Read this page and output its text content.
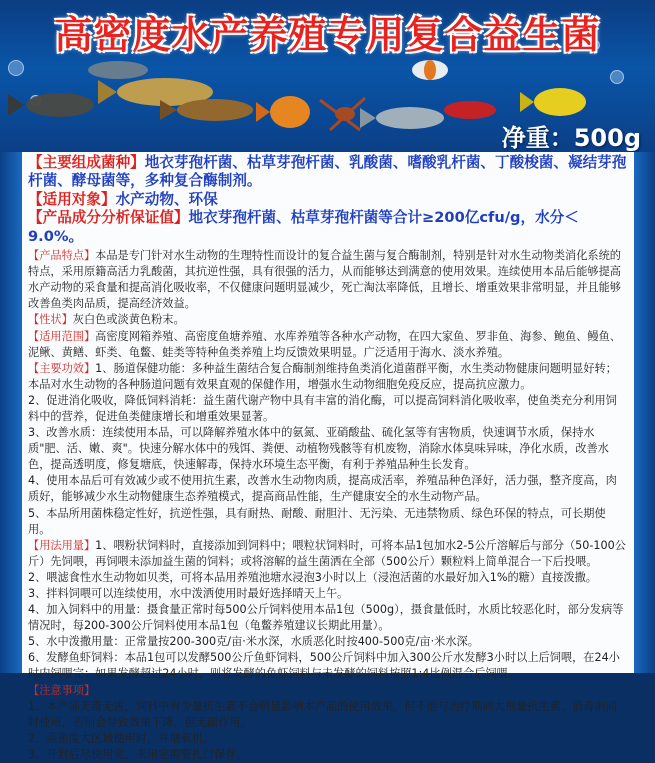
高密度水产养殖专用复合益生菌
净重：500g

【主要组成菌种】地衣芽孢杆菌、枯草芽孢杆菌、乳酸菌、嗜酸乳杆菌、丁酸梭菌、凝结芽孢杆菌、酵母菌等，多种复合酶制剂。

【适用对象】水产动物、环保

【产品成分分析保证值】地衣芽孢杆菌、枯草芽孢杆菌等合计≥200亿cfu/g，水分＜9.0%。

【产品特点】本品是专门针对水生动物的生理特性而设计的复合益生菌与复合酶制剂，特别是针对水生动物类消化系统的特点，采用原籍高活力乳酸菌，其抗逆性强，具有很强的活力，从而能够达到满意的使用效果。连续使用本品后能够提高水产动物的采食量和提高消化吸收率，不仅健康问题明显减少，死亡淘汰率降低，且增长、增重效果非常明显，并且能够改善鱼类肉品质，提高经济效益。

【性状】灰白色或淡黄色粉末。

【适用范围】高密度网箱养殖、高密度鱼塘养殖、水库养殖等各种水产动物，在四大家鱼、罗非鱼、海参、鲍鱼、鳗鱼、泥鳅、黄鳝、虾类、龟鳖、蛙类等特种鱼类养殖上均反馈效果明显。广泛适用于海水、淡水养殖。

【主要功效】1、肠道保健功能：多种益生菌结合复合酶制剂维持鱼类消化道菌群平衡，水生类动物健康问题明显好转；本品对水生动物的各种肠道问题有效果直观的保健作用，增强水生动物细胞免疫反应，提高抗应激力。

2、促进消化吸收，降低饲料消耗：益生菌代谢产物中具有丰富的消化酶，可以提高饲料消化吸收率，使鱼类充分利用饲料中的营养，促进鱼类健康增长和增重效果显著。

3、改善水质：连续使用本品，可以降解养殖水体中的氨氮、亚硝酸盐、硫化氢等有害物质，快速调节水质，保持水质"肥、活、嫩、爽"。快速分解水体中的残饵、粪便、动植物残骸等有机废物，消除水体臭味异味，净化水质，改善水色，提高透明度，修复塘底，快速解毒，保持水环境生态平衡，有利于养殖品种生长发育。

4、使用本品后可有效减少或不使用抗生素，改善水生动物肉质，提高成活率，养殖品种色泽好，活力强，整齐度高，肉质好，能够减少水生动物健康生态养殖模式，提高商品性能，生产健康安全的水生动物产品。

5、本品所用菌株稳定性好，抗逆性强，具有耐热、耐酸、耐胆汁、无污染、无违禁物质、绿色环保的特点，可长期使用。

【用法用量】1、喂粉状饲料时，直接添加到饲料中；喂粒状饲料时，可将本品1包加水2-5公斤溶解后与部分（50-100公斤）先饲喂，再饲喂未添加益生菌的饲料；或将溶解的益生菌洒在全部（500公斤）颗粒料上简单混合一下后投喂。

2、喂滤食性水生动物如贝类，可将本品用养殖池塘水浸泡3小时以上（浸泡活菌的水最好加入1%的糖）直接泼撒。

3、拌料饲喂可以连续使用，水中泼洒使用时最好选择晴天上午。

4、加入饲料中的用量：摄食量正常时每500公斤饲料使用本品1包（500g），摄食量低时，水质比较恶化时，部分发病等情况时，每200-300公斤饲料使用本品1包（龟鳖养殖建议长期此用量）。

5、水中泼撒用量：正常量按200-300克/亩·米水深，水质恶化时按400-500克/亩·米水深。

6、发酵鱼虾饲料：本品1包可以发酵500公斤鱼虾饲料，500公斤饲料中加入300公斤水发酵3小时以上后饲喂，在24小时内饲喂完；如果发酵超过24小时，则将发酵的鱼虾饲料与未发酵的饲料按照1:4比例混合后饲喂。

【注意事项】

1、本产品无毒无害，饲料中有少量抗生素不会明显影响本产品的使用效果，但不能与治疗期间大剂量抗生素、消毒剂同时使用，否则会导致效果下降，但无副作用。

2、高密度大区域使用时，并增氧机。

3、开封后尽快用完，未用完需要扎口保存。
